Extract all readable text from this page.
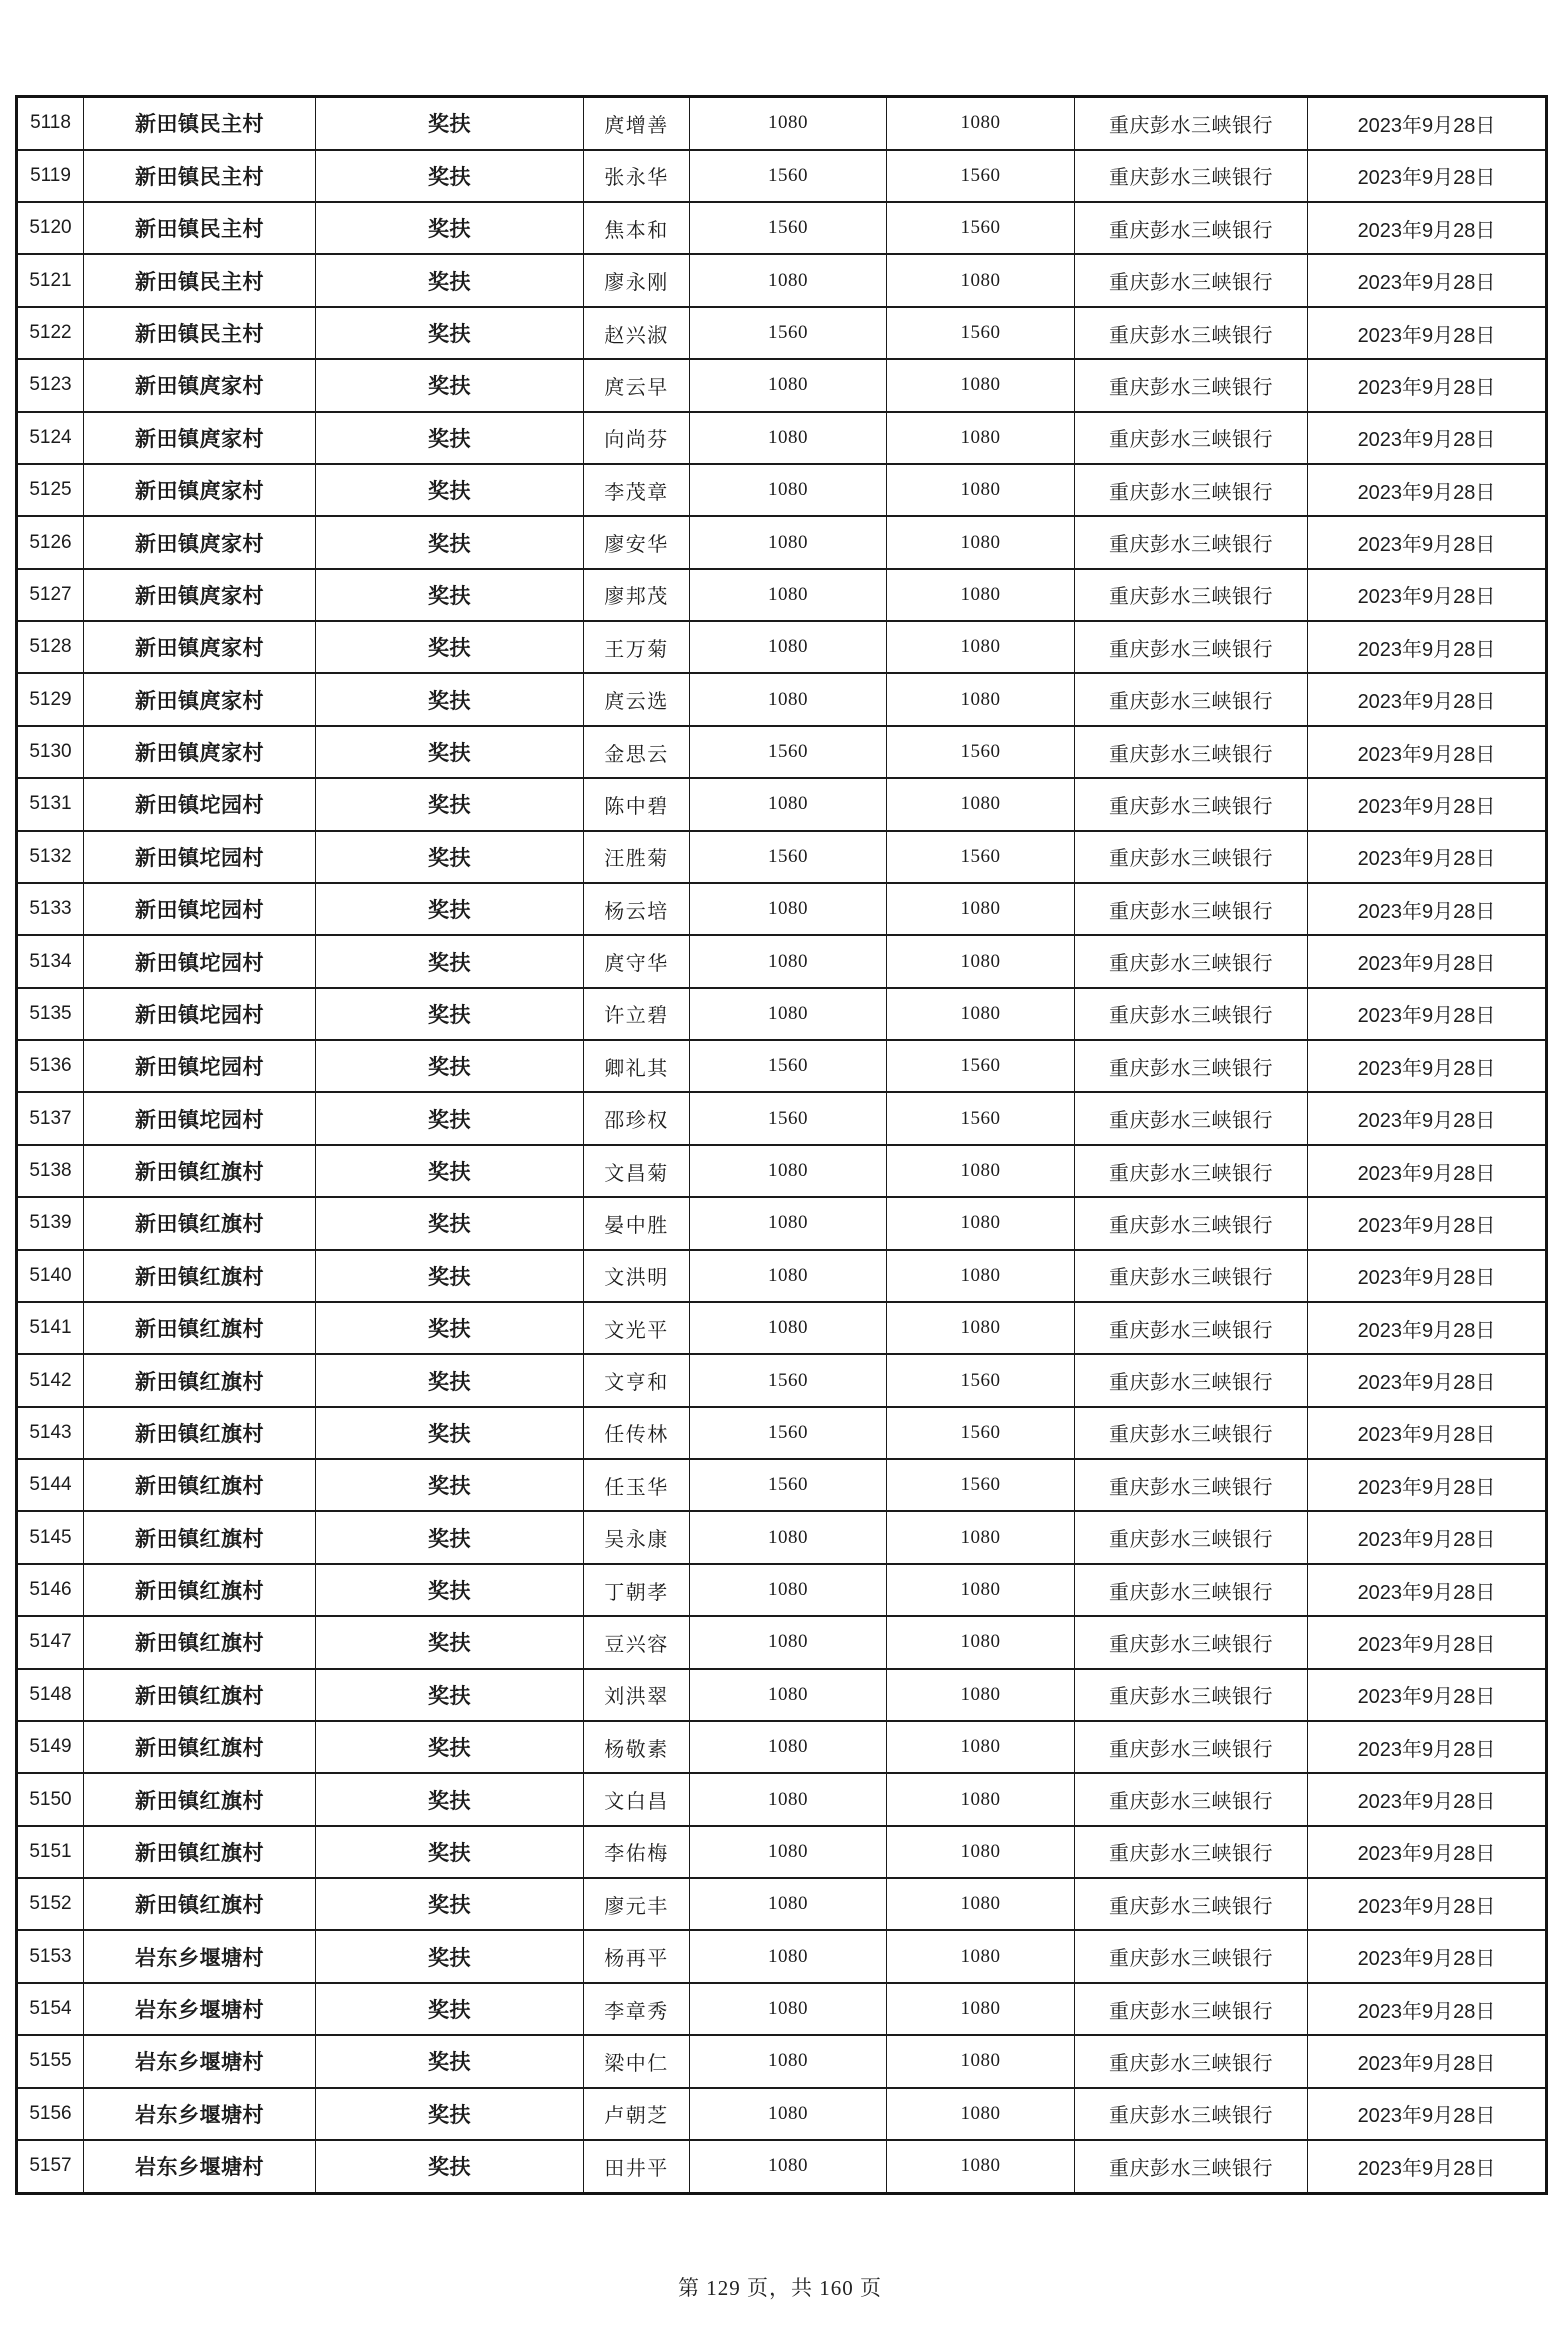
5118	新田镇民主村	奖扶	庹增善	1080	1080	重庆彭水三峡银行	2023年9月28日
5119	新田镇民主村	奖扶	张永华	1560	1560	重庆彭水三峡银行	2023年9月28日
5120	新田镇民主村	奖扶	焦本和	1560	1560	重庆彭水三峡银行	2023年9月28日
5121	新田镇民主村	奖扶	廖永刚	1080	1080	重庆彭水三峡银行	2023年9月28日
5122	新田镇民主村	奖扶	赵兴淑	1560	1560	重庆彭水三峡银行	2023年9月28日
5123	新田镇庹家村	奖扶	庹云早	1080	1080	重庆彭水三峡银行	2023年9月28日
5124	新田镇庹家村	奖扶	向尚芬	1080	1080	重庆彭水三峡银行	2023年9月28日
5125	新田镇庹家村	奖扶	李茂章	1080	1080	重庆彭水三峡银行	2023年9月28日
5126	新田镇庹家村	奖扶	廖安华	1080	1080	重庆彭水三峡银行	2023年9月28日
5127	新田镇庹家村	奖扶	廖邦茂	1080	1080	重庆彭水三峡银行	2023年9月28日
5128	新田镇庹家村	奖扶	王万菊	1080	1080	重庆彭水三峡银行	2023年9月28日
5129	新田镇庹家村	奖扶	庹云选	1080	1080	重庆彭水三峡银行	2023年9月28日
5130	新田镇庹家村	奖扶	金思云	1560	1560	重庆彭水三峡银行	2023年9月28日
5131	新田镇坨园村	奖扶	陈中碧	1080	1080	重庆彭水三峡银行	2023年9月28日
5132	新田镇坨园村	奖扶	汪胜菊	1560	1560	重庆彭水三峡银行	2023年9月28日
5133	新田镇坨园村	奖扶	杨云培	1080	1080	重庆彭水三峡银行	2023年9月28日
5134	新田镇坨园村	奖扶	庹守华	1080	1080	重庆彭水三峡银行	2023年9月28日
5135	新田镇坨园村	奖扶	许立碧	1080	1080	重庆彭水三峡银行	2023年9月28日
5136	新田镇坨园村	奖扶	卿礼其	1560	1560	重庆彭水三峡银行	2023年9月28日
5137	新田镇坨园村	奖扶	邵珍权	1560	1560	重庆彭水三峡银行	2023年9月28日
5138	新田镇红旗村	奖扶	文昌菊	1080	1080	重庆彭水三峡银行	2023年9月28日
5139	新田镇红旗村	奖扶	晏中胜	1080	1080	重庆彭水三峡银行	2023年9月28日
5140	新田镇红旗村	奖扶	文洪明	1080	1080	重庆彭水三峡银行	2023年9月28日
5141	新田镇红旗村	奖扶	文光平	1080	1080	重庆彭水三峡银行	2023年9月28日
5142	新田镇红旗村	奖扶	文亨和	1560	1560	重庆彭水三峡银行	2023年9月28日
5143	新田镇红旗村	奖扶	任传林	1560	1560	重庆彭水三峡银行	2023年9月28日
5144	新田镇红旗村	奖扶	任玉华	1560	1560	重庆彭水三峡银行	2023年9月28日
5145	新田镇红旗村	奖扶	吴永康	1080	1080	重庆彭水三峡银行	2023年9月28日
5146	新田镇红旗村	奖扶	丁朝孝	1080	1080	重庆彭水三峡银行	2023年9月28日
5147	新田镇红旗村	奖扶	豆兴容	1080	1080	重庆彭水三峡银行	2023年9月28日
5148	新田镇红旗村	奖扶	刘洪翠	1080	1080	重庆彭水三峡银行	2023年9月28日
5149	新田镇红旗村	奖扶	杨敬素	1080	1080	重庆彭水三峡银行	2023年9月28日
5150	新田镇红旗村	奖扶	文白昌	1080	1080	重庆彭水三峡银行	2023年9月28日
5151	新田镇红旗村	奖扶	李佑梅	1080	1080	重庆彭水三峡银行	2023年9月28日
5152	新田镇红旗村	奖扶	廖元丰	1080	1080	重庆彭水三峡银行	2023年9月28日
5153	岩东乡堰塘村	奖扶	杨再平	1080	1080	重庆彭水三峡银行	2023年9月28日
5154	岩东乡堰塘村	奖扶	李章秀	1080	1080	重庆彭水三峡银行	2023年9月28日
5155	岩东乡堰塘村	奖扶	梁中仁	1080	1080	重庆彭水三峡银行	2023年9月28日
5156	岩东乡堰塘村	奖扶	卢朝芝	1080	1080	重庆彭水三峡银行	2023年9月28日
5157	岩东乡堰塘村	奖扶	田井平	1080	1080	重庆彭水三峡银行	2023年9月28日
第 129 页，共 160 页
